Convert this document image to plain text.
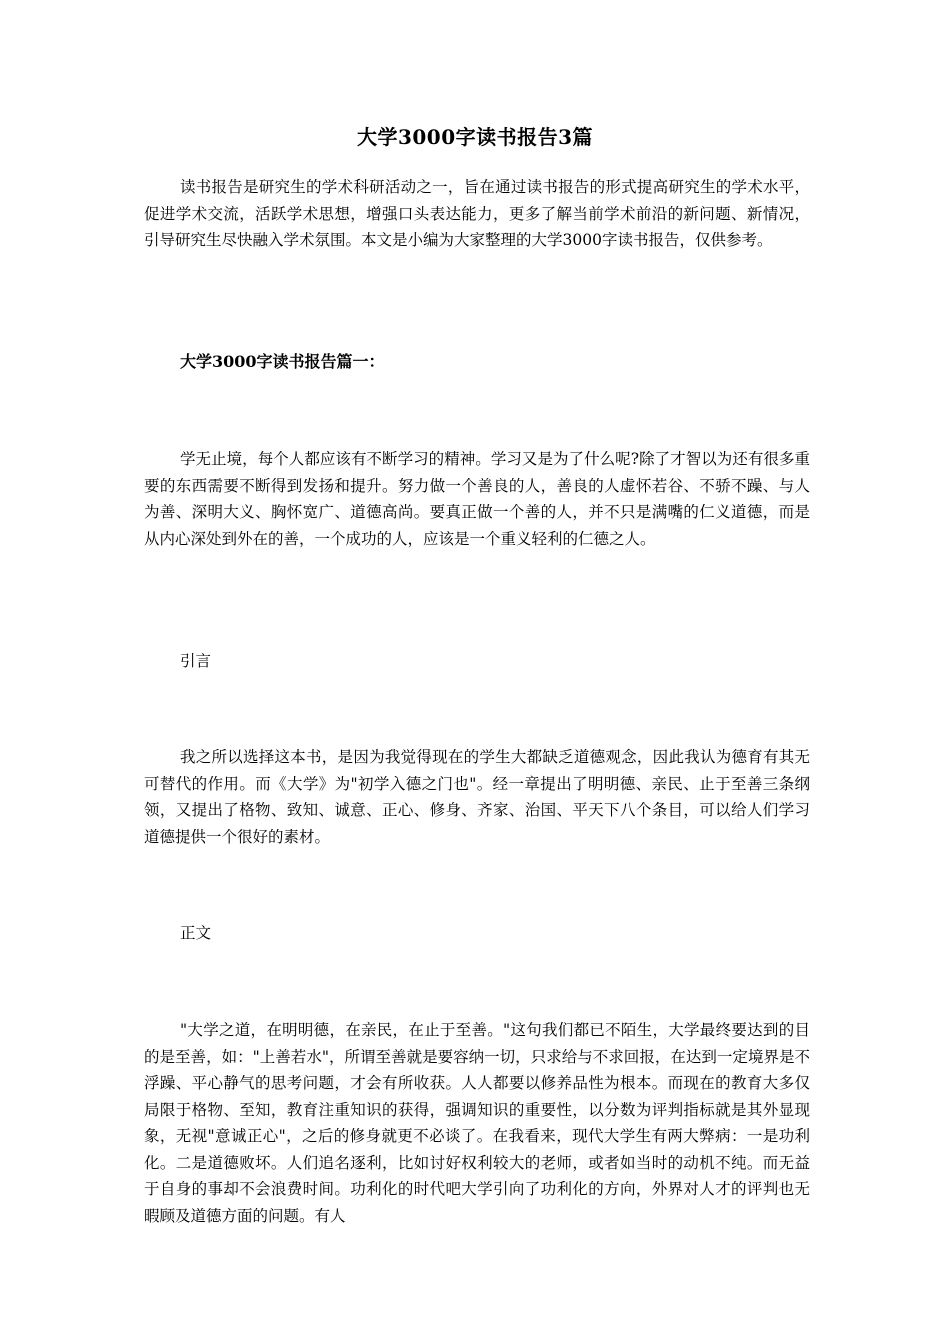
大学3000字读书报告3篇

读书报告是研究生的学术科研活动之一，旨在通过读书报告的形式提高研究生的学术水平，促进学术交流，活跃学术思想，增强口头表达能力，更多了解当前学术前沿的新问题、新情况，引导研究生尽快融入学术氛围。本文是小编为大家整理的大学3000字读书报告，仅供参考。

大学3000字读书报告篇一：

学无止境，每个人都应该有不断学习的精神。学习又是为了什么呢?除了才智以为还有很多重要的东西需要不断得到发扬和提升。努力做一个善良的人，善良的人虚怀若谷、不骄不躁、与人为善、深明大义、胸怀宽广、道德高尚。要真正做一个善的人，并不只是满嘴的仁义道德，而是从内心深处到外在的善，一个成功的人，应该是一个重义轻利的仁德之人。

引言

我之所以选择这本书，是因为我觉得现在的学生大都缺乏道德观念，因此我认为德育有其无可替代的作用。而《大学》为"初学入德之门也"。经一章提出了明明德、亲民、止于至善三条纲领，又提出了格物、致知、诚意、正心、修身、齐家、治国、平天下八个条目，可以给人们学习道德提供一个很好的素材。

正文

"大学之道，在明明德，在亲民，在止于至善。"这句我们都已不陌生，大学最终要达到的目的是至善，如："上善若水"，所谓至善就是要容纳一切，只求给与不求回报，在达到一定境界是不浮躁、平心静气的思考问题，才会有所收获。人人都要以修养品性为根本。而现在的教育大多仅局限于格物、至知，教育注重知识的获得，强调知识的重要性，以分数为评判指标就是其外显现象，无视"意诚正心"，之后的修身就更不必谈了。在我看来，现代大学生有两大弊病：一是功利化。二是道德败坏。人们追名逐利，比如讨好权利较大的老师，或者如当时的动机不纯。而无益于自身的事却不会浪费时间。功利化的时代吧大学引向了功利化的方向，外界对人才的评判也无暇顾及道德方面的问题。有人
